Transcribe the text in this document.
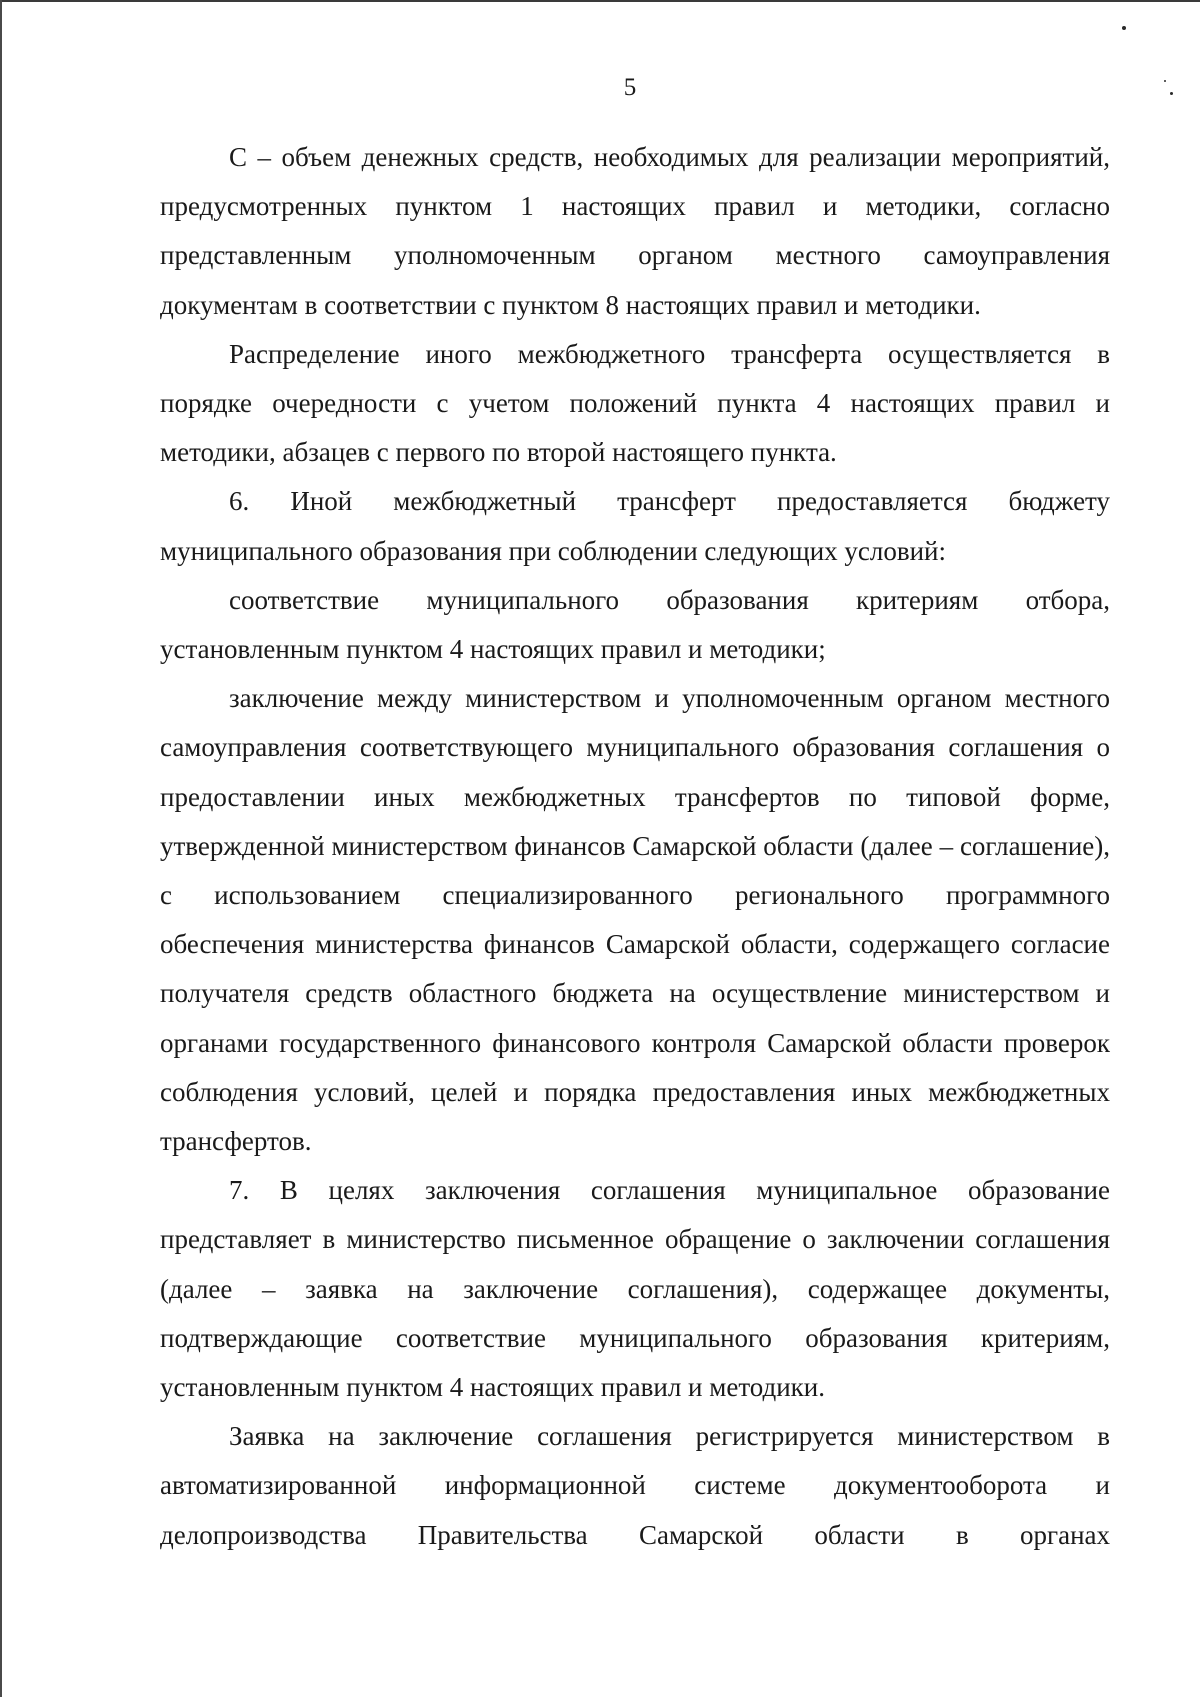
5

С – объем денежных средств, необходимых для реализации мероприятий, предусмотренных пунктом 1 настоящих правил и методики, согласно представленным уполномоченным органом местного самоуправления документам в соответствии с пунктом 8 настоящих правил и методики.

Распределение иного межбюджетного трансферта осуществляется в порядке очередности с учетом положений пункта 4 настоящих правил и методики, абзацев с первого по второй настоящего пункта.

6. Иной межбюджетный трансферт предоставляется бюджету муниципального образования при соблюдении следующих условий:

соответствие муниципального образования критериям отбора, установленным пунктом 4 настоящих правил и методики;

заключение между министерством и уполномоченным органом местного самоуправления соответствующего муниципального образования соглашения о предоставлении иных межбюджетных трансфертов по типовой форме, утвержденной министерством финансов Самарской области (далее – соглашение), с использованием специализированного регионального программного обеспечения министерства финансов Самарской области, содержащего согласие получателя средств областного бюджета на осуществление министерством и органами государственного финансового контроля Самарской области проверок соблюдения условий, целей и порядка предоставления иных межбюджетных трансфертов.

7. В целях заключения соглашения муниципальное образование представляет в министерство письменное обращение о заключении соглашения (далее – заявка на заключение соглашения), содержащее документы, подтверждающие соответствие муниципального образования критериям, установленным пунктом 4 настоящих правил и методики.

Заявка на заключение соглашения регистрируется министерством в автоматизированной информационной системе документооборота и делопроизводства Правительства Самарской области в органах
